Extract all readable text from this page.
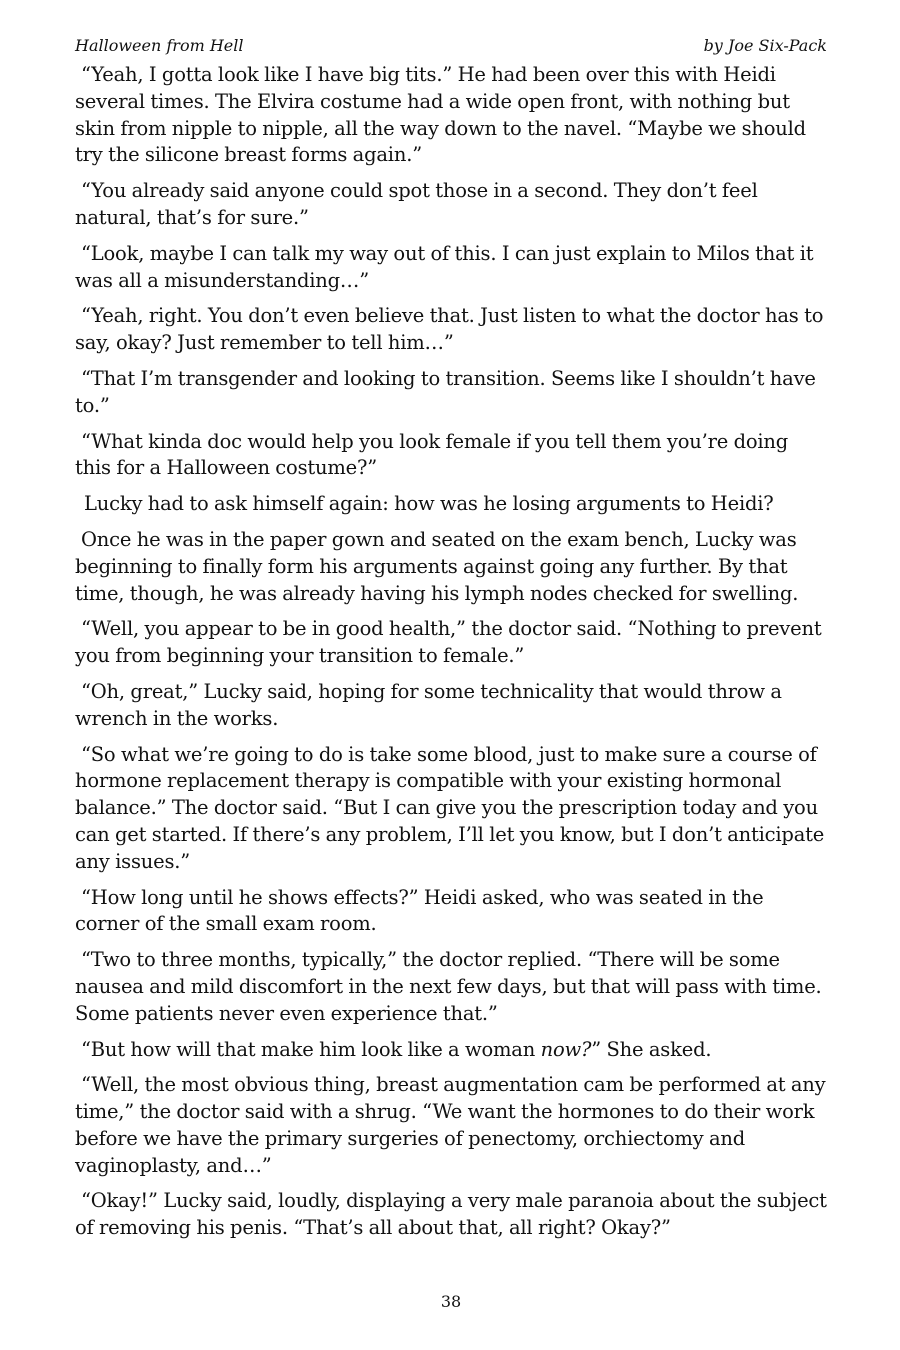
Halloween from Hell	by Joe Six-Pack

“Yeah, I gotta look like I have big tits.” He had been over this with Heidi several times. The Elvira costume had a wide open front, with nothing but skin from nipple to nipple, all the way down to the navel. “Maybe we should try the silicone breast forms again.”

“You already said anyone could spot those in a second. They don’t feel natural, that’s for sure.”

“Look, maybe I can talk my way out of this. I can just explain to Milos that it was all a misunderstanding…”

“Yeah, right. You don’t even believe that. Just listen to what the doctor has to say, okay? Just remember to tell him…”

“That I’m transgender and looking to transition. Seems like I shouldn’t have to.”

“What kinda doc would help you look female if you tell them you’re doing this for a Halloween costume?”

Lucky had to ask himself again: how was he losing arguments to Heidi?

Once he was in the paper gown and seated on the exam bench, Lucky was beginning to finally form his arguments against going any further. By that time, though, he was already having his lymph nodes checked for swelling.

“Well, you appear to be in good health,” the doctor said. “Nothing to prevent you from beginning your transition to female.”

“Oh, great,” Lucky said, hoping for some technicality that would throw a wrench in the works.

“So what we’re going to do is take some blood, just to make sure a course of hormone replacement therapy is compatible with your existing hormonal balance.” The doctor said. “But I can give you the prescription today and you can get started. If there’s any problem, I’ll let you know, but I don’t anticipate any issues.”

“How long until he shows effects?” Heidi asked, who was seated in the corner of the small exam room.

“Two to three months, typically,” the doctor replied. “There will be some nausea and mild discomfort in the next few days, but that will pass with time. Some patients never even experience that.”

“But how will that make him look like a woman now?” She asked.

“Well, the most obvious thing, breast augmentation cam be performed at any time,” the doctor said with a shrug. “We want the hormones to do their work before we have the primary surgeries of penectomy, orchiectomy and vaginoplasty, and…”

“Okay!” Lucky said, loudly, displaying a very male paranoia about the subject of removing his penis. “That’s all about that, all right? Okay?”

38
